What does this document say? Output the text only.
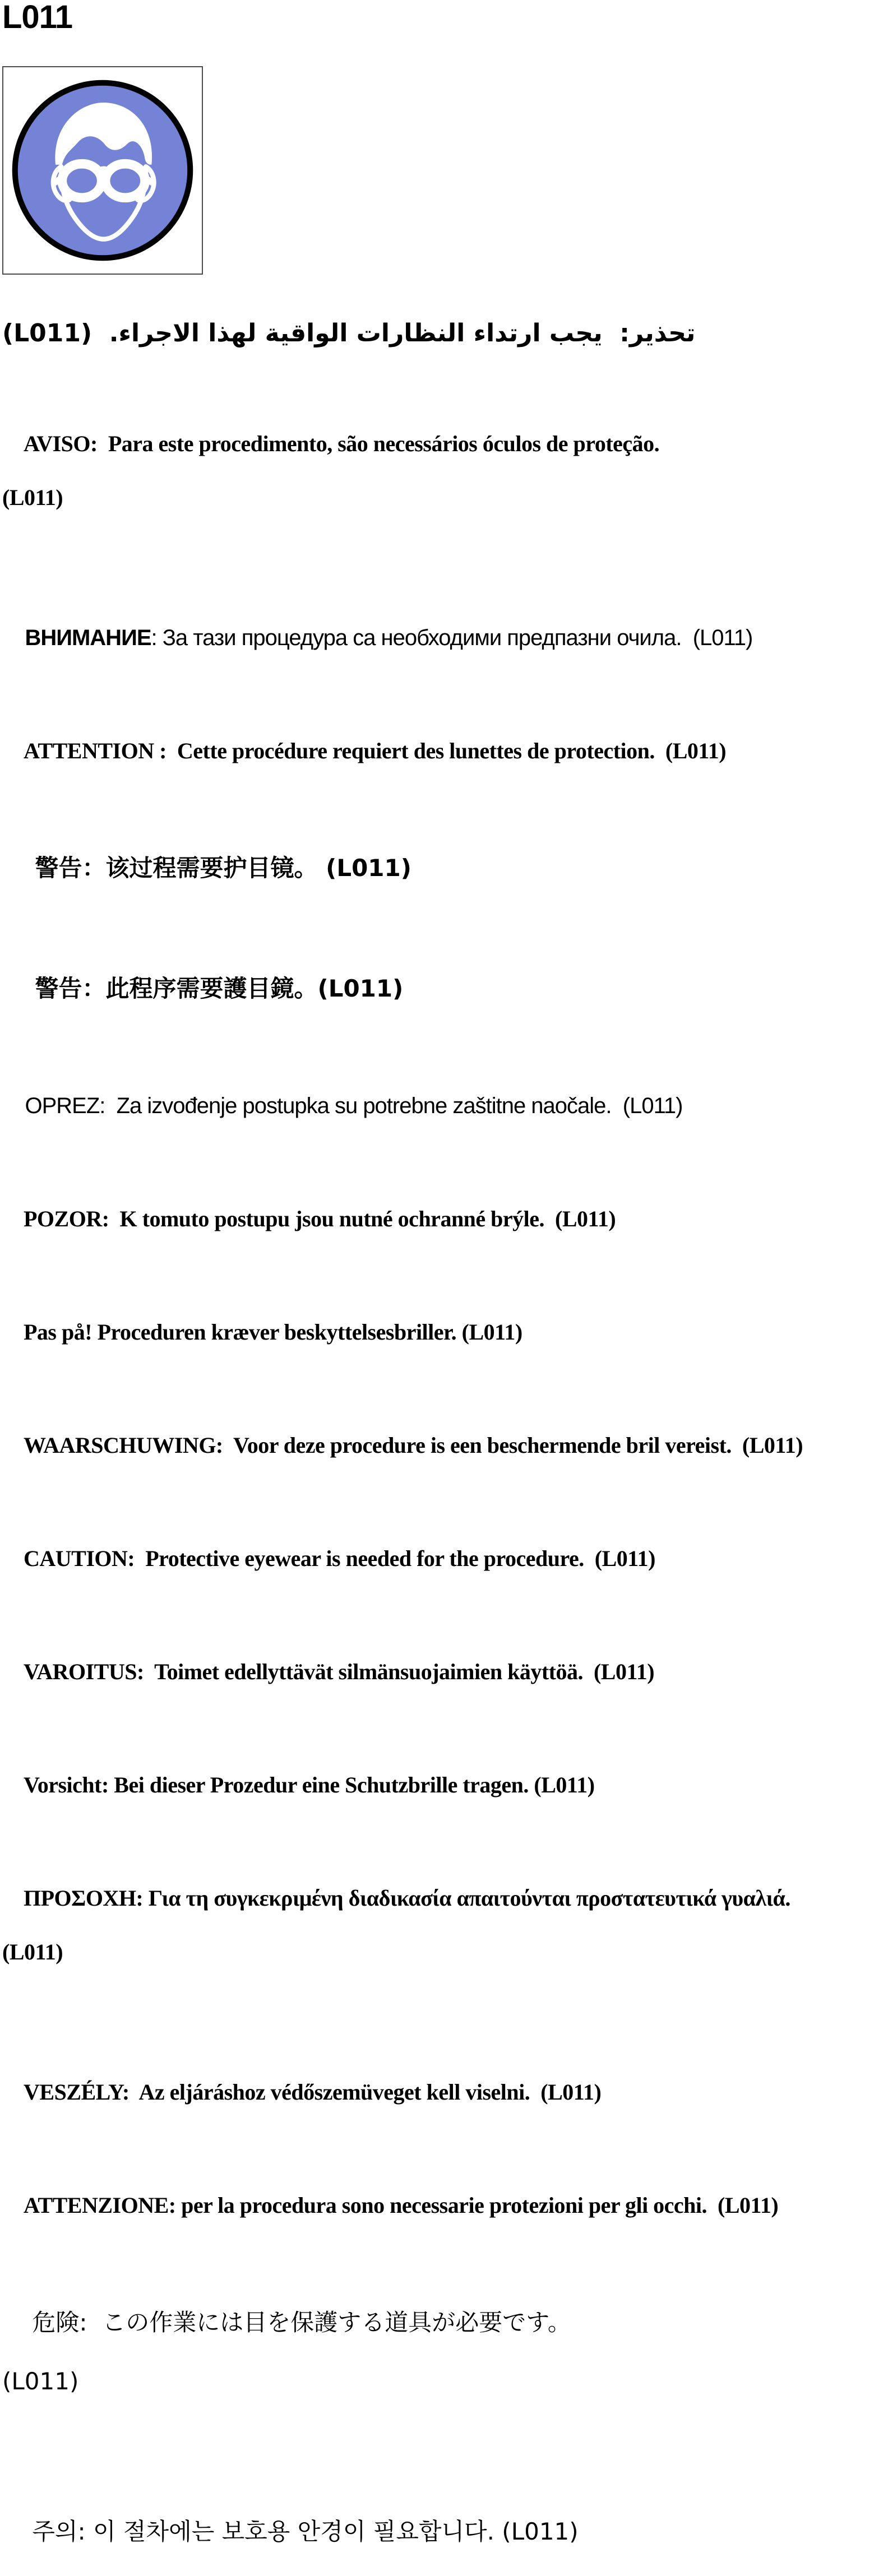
L011

تحذير:  يجب ارتداء النظارات الواقية لهذا الاجراء.  (L011)

AVISO:  Para este procedimento, são necessários óculos de proteção.

(L011)

ВНИМАНИЕ: За тази процедура са необходими предпазни очила.  (L011)

ATTENTION :  Cette procédure requiert des lunettes de protection.  (L011)

警告：该过程需要护目镜。 (L011)

警告：此程序需要護目鏡。(L011)

OPREZ:  Za izvođenje postupka su potrebne zaštitne naočale.  (L011)

POZOR:  K tomuto postupu jsou nutné ochranné brýle.  (L011)

Pas på! Proceduren kræver beskyttelsesbriller. (L011)

WAARSCHUWING:  Voor deze procedure is een beschermende bril vereist.  (L011)

CAUTION:  Protective eyewear is needed for the procedure.  (L011)

VAROITUS:  Toimet edellyttävät silmänsuojaimien käyttöä.  (L011)

Vorsicht: Bei dieser Prozedur eine Schutzbrille tragen. (L011)

ΠΡΟΣΟΧΗ: Για τη συγκεκριμένη διαδικασία απαιτούνται προστατευτικά γυαλιά.

(L011)

VESZÉLY:  Az eljáráshoz védőszemüveget kell viselni.  (L011)

ATTENZIONE: per la procedura sono necessarie protezioni per gli occhi.  (L011)

危険:  この作業には目を保護する道具が必要です。

(L011)

주의: 이 절차에는 보호용 안경이 필요합니다. (L011)
